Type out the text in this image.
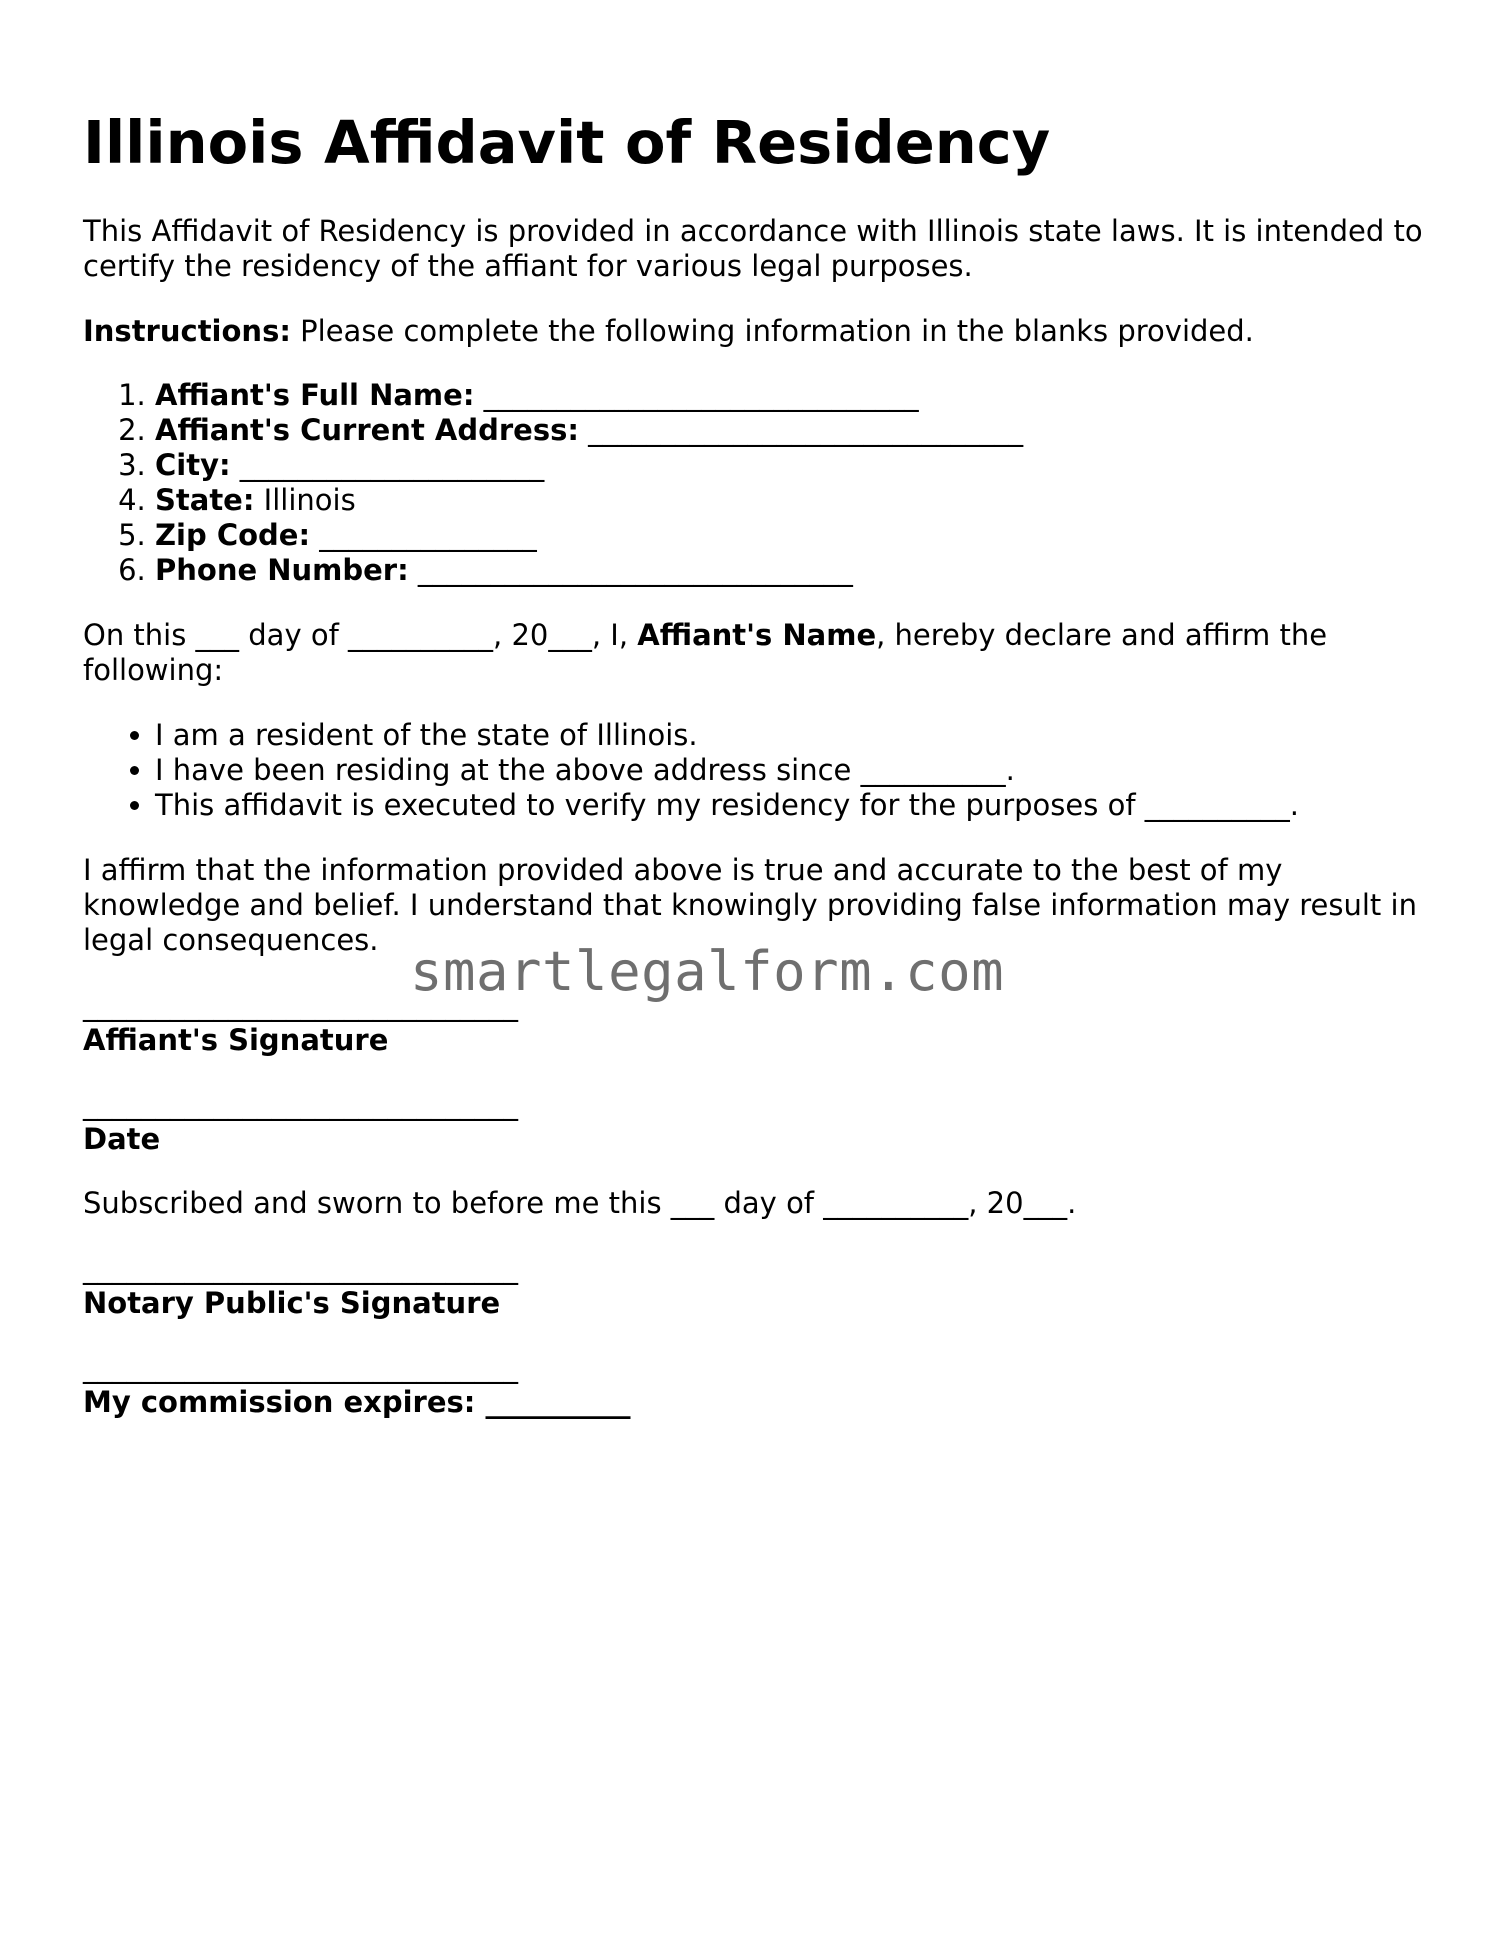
Illinois Affidavit of Residency

This Affidavit of Residency is provided in accordance with Illinois state laws. It is intended to certify the residency of the affiant for various legal purposes.

Instructions: Please complete the following information in the blanks provided.

1. Affiant's Full Name: ______________________________
2. Affiant's Current Address: ______________________________
3. City: _____________________
4. State: Illinois
5. Zip Code: _______________
6. Phone Number: ______________________________

On this ___ day of __________, 20___, I, Affiant's Name, hereby declare and affirm the following:

• I am a resident of the state of Illinois.
• I have been residing at the above address since __________.
• This affidavit is executed to verify my residency for the purposes of __________.

I affirm that the information provided above is true and accurate to the best of my knowledge and belief. I understand that knowingly providing false information may result in legal consequences.

______________________________
Affiant's Signature
______________________________
Date

Subscribed and sworn to before me this ___ day of __________, 20___.

______________________________
Notary Public's Signature
______________________________
My commission expires: __________
smartlegalform.com
